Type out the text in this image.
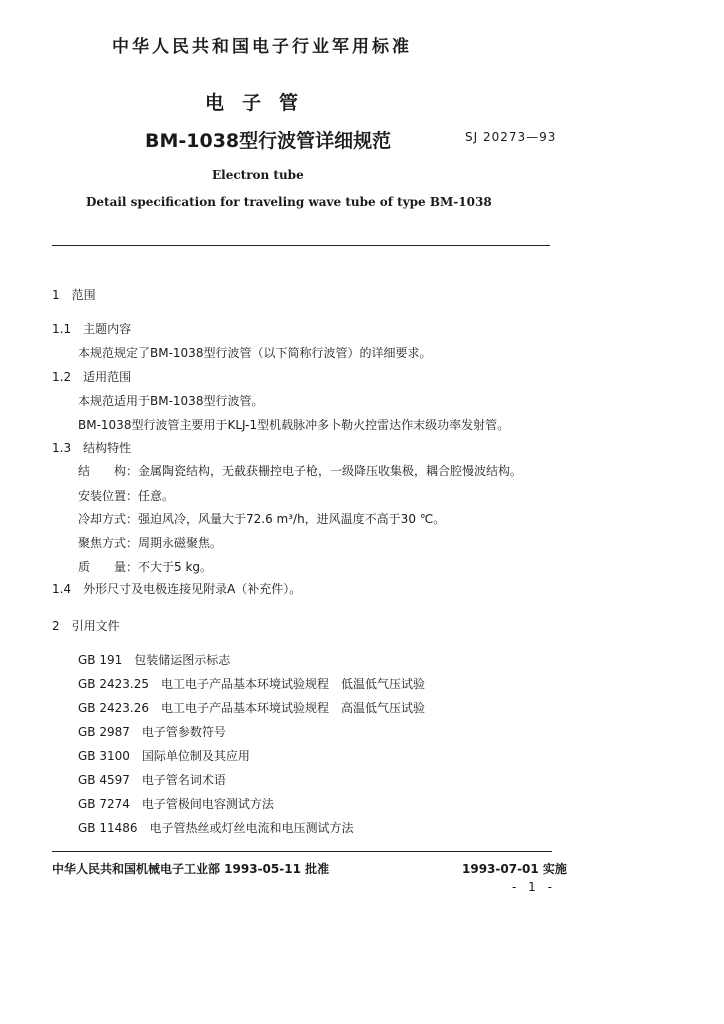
中华人民共和国电子行业军用标准
电子管
BM-1038型行波管详细规范	SJ 20273—93
Electron tube
Detail specification for traveling wave tube of type BM-1038
1　范围
1.1　主题内容
本规范规定了BM-1038型行波管（以下简称行波管）的详细要求。
1.2　适用范围
本规范适用于BM-1038型行波管。
BM-1038型行波管主要用于KLJ-1型机载脉冲多卜勒火控雷达作末级功率发射管。
1.3　结构特性
结　　构：金属陶瓷结构，无截获栅控电子枪，一级降压收集极，耦合腔慢波结构。
安装位置：任意。
冷却方式：强迫风冷，风量大于72.6 m³/h，进风温度不高于30 ℃。
聚焦方式：周期永磁聚焦。
质　　量：不大于5 kg。
1.4　外形尺寸及电极连接见附录A（补充件）。
2　引用文件
GB 191　包装储运图示标志
GB 2423.25　电工电子产品基本环境试验规程　低温低气压试验
GB 2423.26　电工电子产品基本环境试验规程　高温低气压试验
GB 2987　电子管参数符号
GB 3100　国际单位制及其应用
GB 4597　电子管名词术语
GB 7274　电子管极间电容测试方法
GB 11486　电子管热丝或灯丝电流和电压测试方法
中华人民共和国机械电子工业部 1993-05-11 批准	1993-07-01 实施
- 1 -
